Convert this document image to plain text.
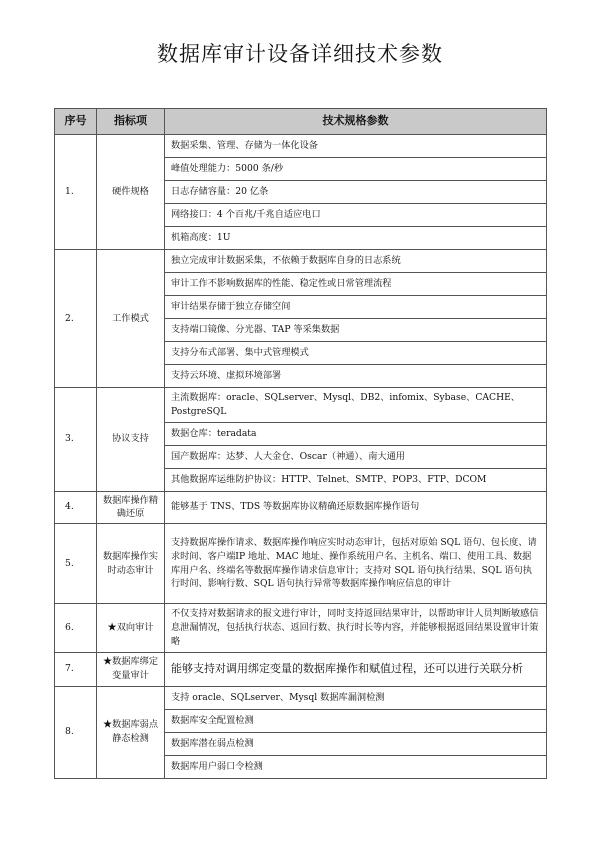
数据库审计设备详细技术参数
序号	指标项	技术规格参数
1.	硬件规格	数据采集、管理、存储为一体化设备
		峰值处理能力：5000 条/秒
		日志存储容量：20 亿条
		网络接口：4 个百兆/千兆自适应电口
		机箱高度：1U
2.	工作模式	独立完成审计数据采集，不依赖于数据库自身的日志系统
		审计工作不影响数据库的性能、稳定性或日常管理流程
		审计结果存储于独立存储空间
		支持端口镜像、分光器、TAP 等采集数据
		支持分布式部署、集中式管理模式
		支持云环境、虚拟环境部署
3.	协议支持	主流数据库：oracle、SQLserver、Mysql、DB2、infomix、Sybase、CACHE、PostgreSQL
		数据仓库：teradata
		国产数据库：达梦、人大金仓、Oscar（神通）、南大通用
		其他数据库运维防护协议：HTTP、Telnet、SMTP、POP3、FTP、DCOM
4.	数据库操作精确还原	能够基于 TNS、TDS 等数据库协议精确还原数据库操作语句
5.	数据库操作实时动态审计	支持数据库操作请求、数据库操作响应实时动态审计，包括对原始 SQL 语句、包长度、请求时间、客户端IP 地址、MAC 地址、操作系统用户名、主机名、端口、使用工具、数据库用户名、终端名等数据库操作请求信息审计；支持对 SQL 语句执行结果、SQL 语句执行时间、影响行数、SQL 语句执行异常等数据库操作响应信息的审计
6.	★双向审计	不仅支持对数据请求的报文进行审计，同时支持返回结果审计，以帮助审计人员判断敏感信息泄漏情况，包括执行状态、返回行数、执行时长等内容，并能够根据返回结果设置审计策略
7.	★数据库绑定变量审计	能够支持对调用绑定变量的数据库操作和赋值过程，还可以进行关联分析
8.	★数据库弱点静态检测	支持 oracle、SQLserver、Mysql 数据库漏洞检测
		数据库安全配置检测
		数据库潜在弱点检测
		数据库用户弱口令检测
